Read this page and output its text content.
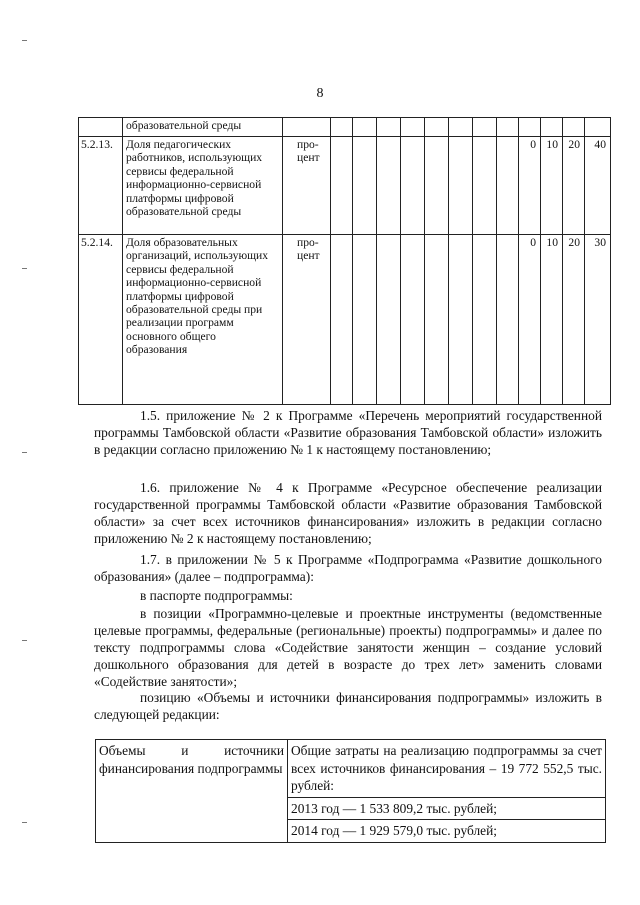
8
	образовательной среды													
5.2.13.	Доля педагогических работников, использующих сервисы федеральной информационно-сервисной платформы цифровой образовательной среды	про-цент									0	10	20	40
5.2.14.	Доля образовательных организаций, использующих сервисы федеральной информационно-сервисной платформы цифровой образовательной среды при реализации программ основного общего образования	про-цент									0	10	20	30
1.5. приложение № 2 к Программе «Перечень мероприятий государственной программы Тамбовской области «Развитие образования Тамбовской области» изложить в редакции согласно приложению № 1 к настоящему постановлению;
1.6. приложение № 4 к Программе «Ресурсное обеспечение реализации государственной программы Тамбовской области «Развитие образования Тамбовской области» за счет всех источников финансирования» изложить в редакции согласно приложению № 2 к настоящему постановлению;
1.7. в приложении № 5 к Программе «Подпрограмма «Развитие дошкольного образования» (далее – подпрограмма):
в паспорте подпрограммы:
в позиции «Программно-целевые и проектные инструменты (ведомственные целевые программы, федеральные (региональные) проекты) подпрограммы» и далее по тексту подпрограммы слова «Содействие занятости женщин – создание условий дошкольного образования для детей в возрасте до трех лет» заменить словами «Содействие занятости»;
позицию «Объемы и источники финансирования подпрограммы» изложить в следующей редакции:
Объемы и источники финансирования подпрограммы	
Общие затраты на реализацию подпрограммы за счет всех источников финансирования – 19 772 552,5 тыс. рублей:
2013 год — 1 533 809,2 тыс. рублей;
2014 год — 1 929 579,0 тыс. рублей;
